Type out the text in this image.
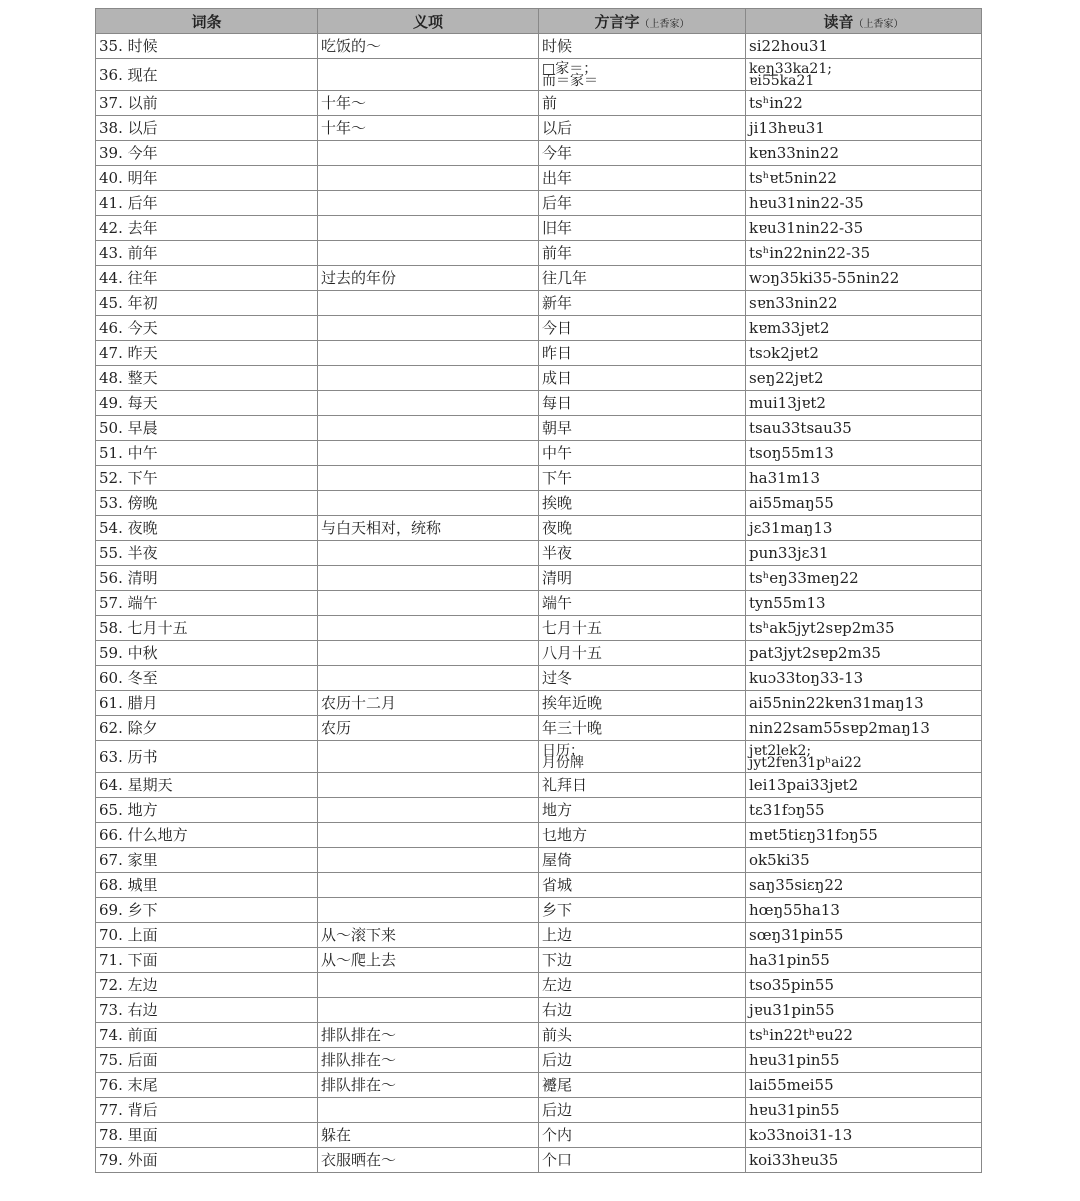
词条	义项	方言字（上香家）	读音（上香家）
35. 时候	吃饭的～	时候	si22hou31
36. 现在		□家＝；
而＝家＝	keŋ33ka21;
ɐi55ka21
37. 以前	十年～	前	tsʰin22
38. 以后	十年～	以后	ji13hɐu31
39. 今年		今年	kɐn33nin22
40. 明年		出年	tsʰɐt5nin22
41. 后年		后年	hɐu31nin22-35
42. 去年		旧年	kɐu31nin22-35
43. 前年		前年	tsʰin22nin22-35
44. 往年	过去的年份	往几年	wɔŋ35ki35-55nin22
45. 年初		新年	sɐn33nin22
46. 今天		今日	kɐm33jɐt2
47. 昨天		昨日	tsɔk2jɐt2
48. 整天		成日	seŋ22jɐt2
49. 每天		每日	mui13jɐt2
50. 早晨		朝早	tsau33tsau35
51. 中午		中午	tsoŋ55m13
52. 下午		下午	ha31m13
53. 傍晚		挨晚	ai55maŋ55
54. 夜晚	与白天相对，统称	夜晚	jɛ31maŋ13
55. 半夜		半夜	pun33jɛ31
56. 清明		清明	tsʰeŋ33meŋ22
57. 端午		端午	tyn55m13
58. 七月十五		七月十五	tsʰak5jyt2sɐp2m35
59. 中秋		八月十五	pat3jyt2sɐp2m35
60. 冬至		过冬	kuɔ33toŋ33-13
61. 腊月	农历十二月	挨年近晚	ai55nin22kɐn31maŋ13
62. 除夕	农历	年三十晚	nin22sam55sɐp2maŋ13
63. 历书		日历；
月份牌	jɐt2lek2;
jyt2fɐn31pʰai22
64. 星期天		礼拜日	lei13pai33jɐt2
65. 地方		地方	tɛ31fɔŋ55
66. 什么地方		乜地方	mɐt5tiɛŋ31fɔŋ55
67. 家里		屋倚	ok5ki35
68. 城里		省城	saŋ35siɛŋ22
69. 乡下		乡下	hœŋ55ha13
70. 上面	从～滚下来	上边	sœŋ31pin55
71. 下面	从～爬上去	下边	ha31pin55
72. 左边		左边	tso35pin55
73. 右边		右边	jɐu31pin55
74. 前面	排队排在～	前头	tsʰin22tʰɐu22
75. 后面	排队排在～	后边	hɐu31pin55
76. 末尾	排队排在～	䙯尾	lai55mei55
77. 背后		后边	hɐu31pin55
78. 里面	躲在	个内	kɔ33noi31-13
79. 外面	衣服晒在～	个口	koi33hɐu35
